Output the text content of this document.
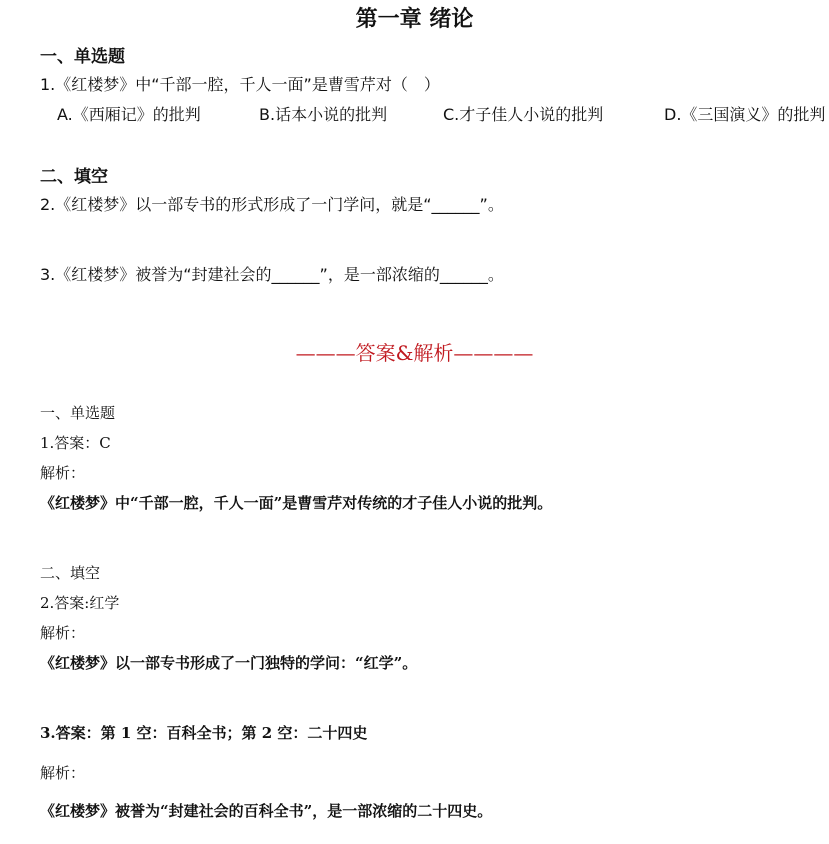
第一章 绪论
一、单选题
1.《红楼梦》中“千部一腔，千人一面”是曹雪芹对（　）
A.《西厢记》的批判	B.话本小说的批判	C.才子佳人小说的批判	D.《三国演义》的批判
二、填空
2.《红楼梦》以一部专书的形式形成了一门学问，就是“______”。
3.《红楼梦》被誉为“封建社会的______”，是一部浓缩的______。
———答案&解析————
一、单选题
1.答案：C
解析：
《红楼梦》中“千部一腔，千人一面”是曹雪芹对传统的才子佳人小说的批判。
二、填空
2.答案:红学
解析：
《红楼梦》以一部专书形成了一门独特的学问：“红学”。
3.答案：第 1 空：百科全书；第 2 空：二十四史
解析：
《红楼梦》被誉为“封建社会的百科全书”，是一部浓缩的二十四史。
